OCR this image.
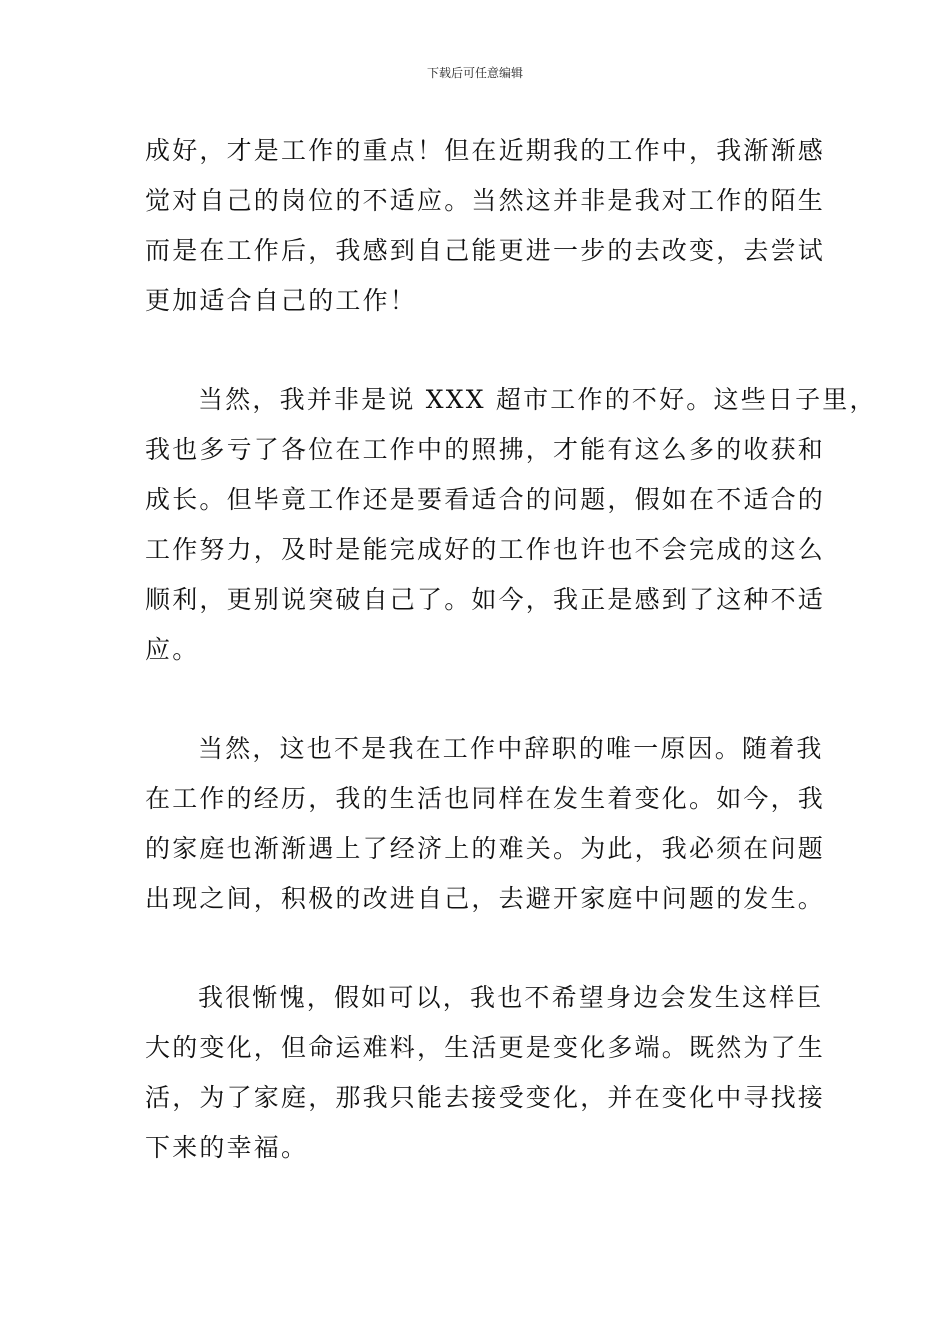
下载后可任意编辑
成好，才是工作的重点！但在近期我的工作中，我渐渐感
觉对自己的岗位的不适应。当然这并非是我对工作的陌生
而是在工作后，我感到自己能更进一步的去改变，去尝试
更加适合自己的工作！
当然，我并非是说 XXX 超市工作的不好。这些日子里，
我也多亏了各位在工作中的照拂，才能有这么多的收获和
成长。但毕竟工作还是要看适合的问题，假如在不适合的
工作努力，及时是能完成好的工作也许也不会完成的这么
顺利，更别说突破自己了。如今，我正是感到了这种不适
应。
当然，这也不是我在工作中辞职的唯一原因。随着我
在工作的经历，我的生活也同样在发生着变化。如今，我
的家庭也渐渐遇上了经济上的难关。为此，我必须在问题
出现之间，积极的改进自己，去避开家庭中问题的发生。
我很惭愧，假如可以，我也不希望身边会发生这样巨
大的变化，但命运难料，生活更是变化多端。既然为了生
活，为了家庭，那我只能去接受变化，并在变化中寻找接
下来的幸福。
